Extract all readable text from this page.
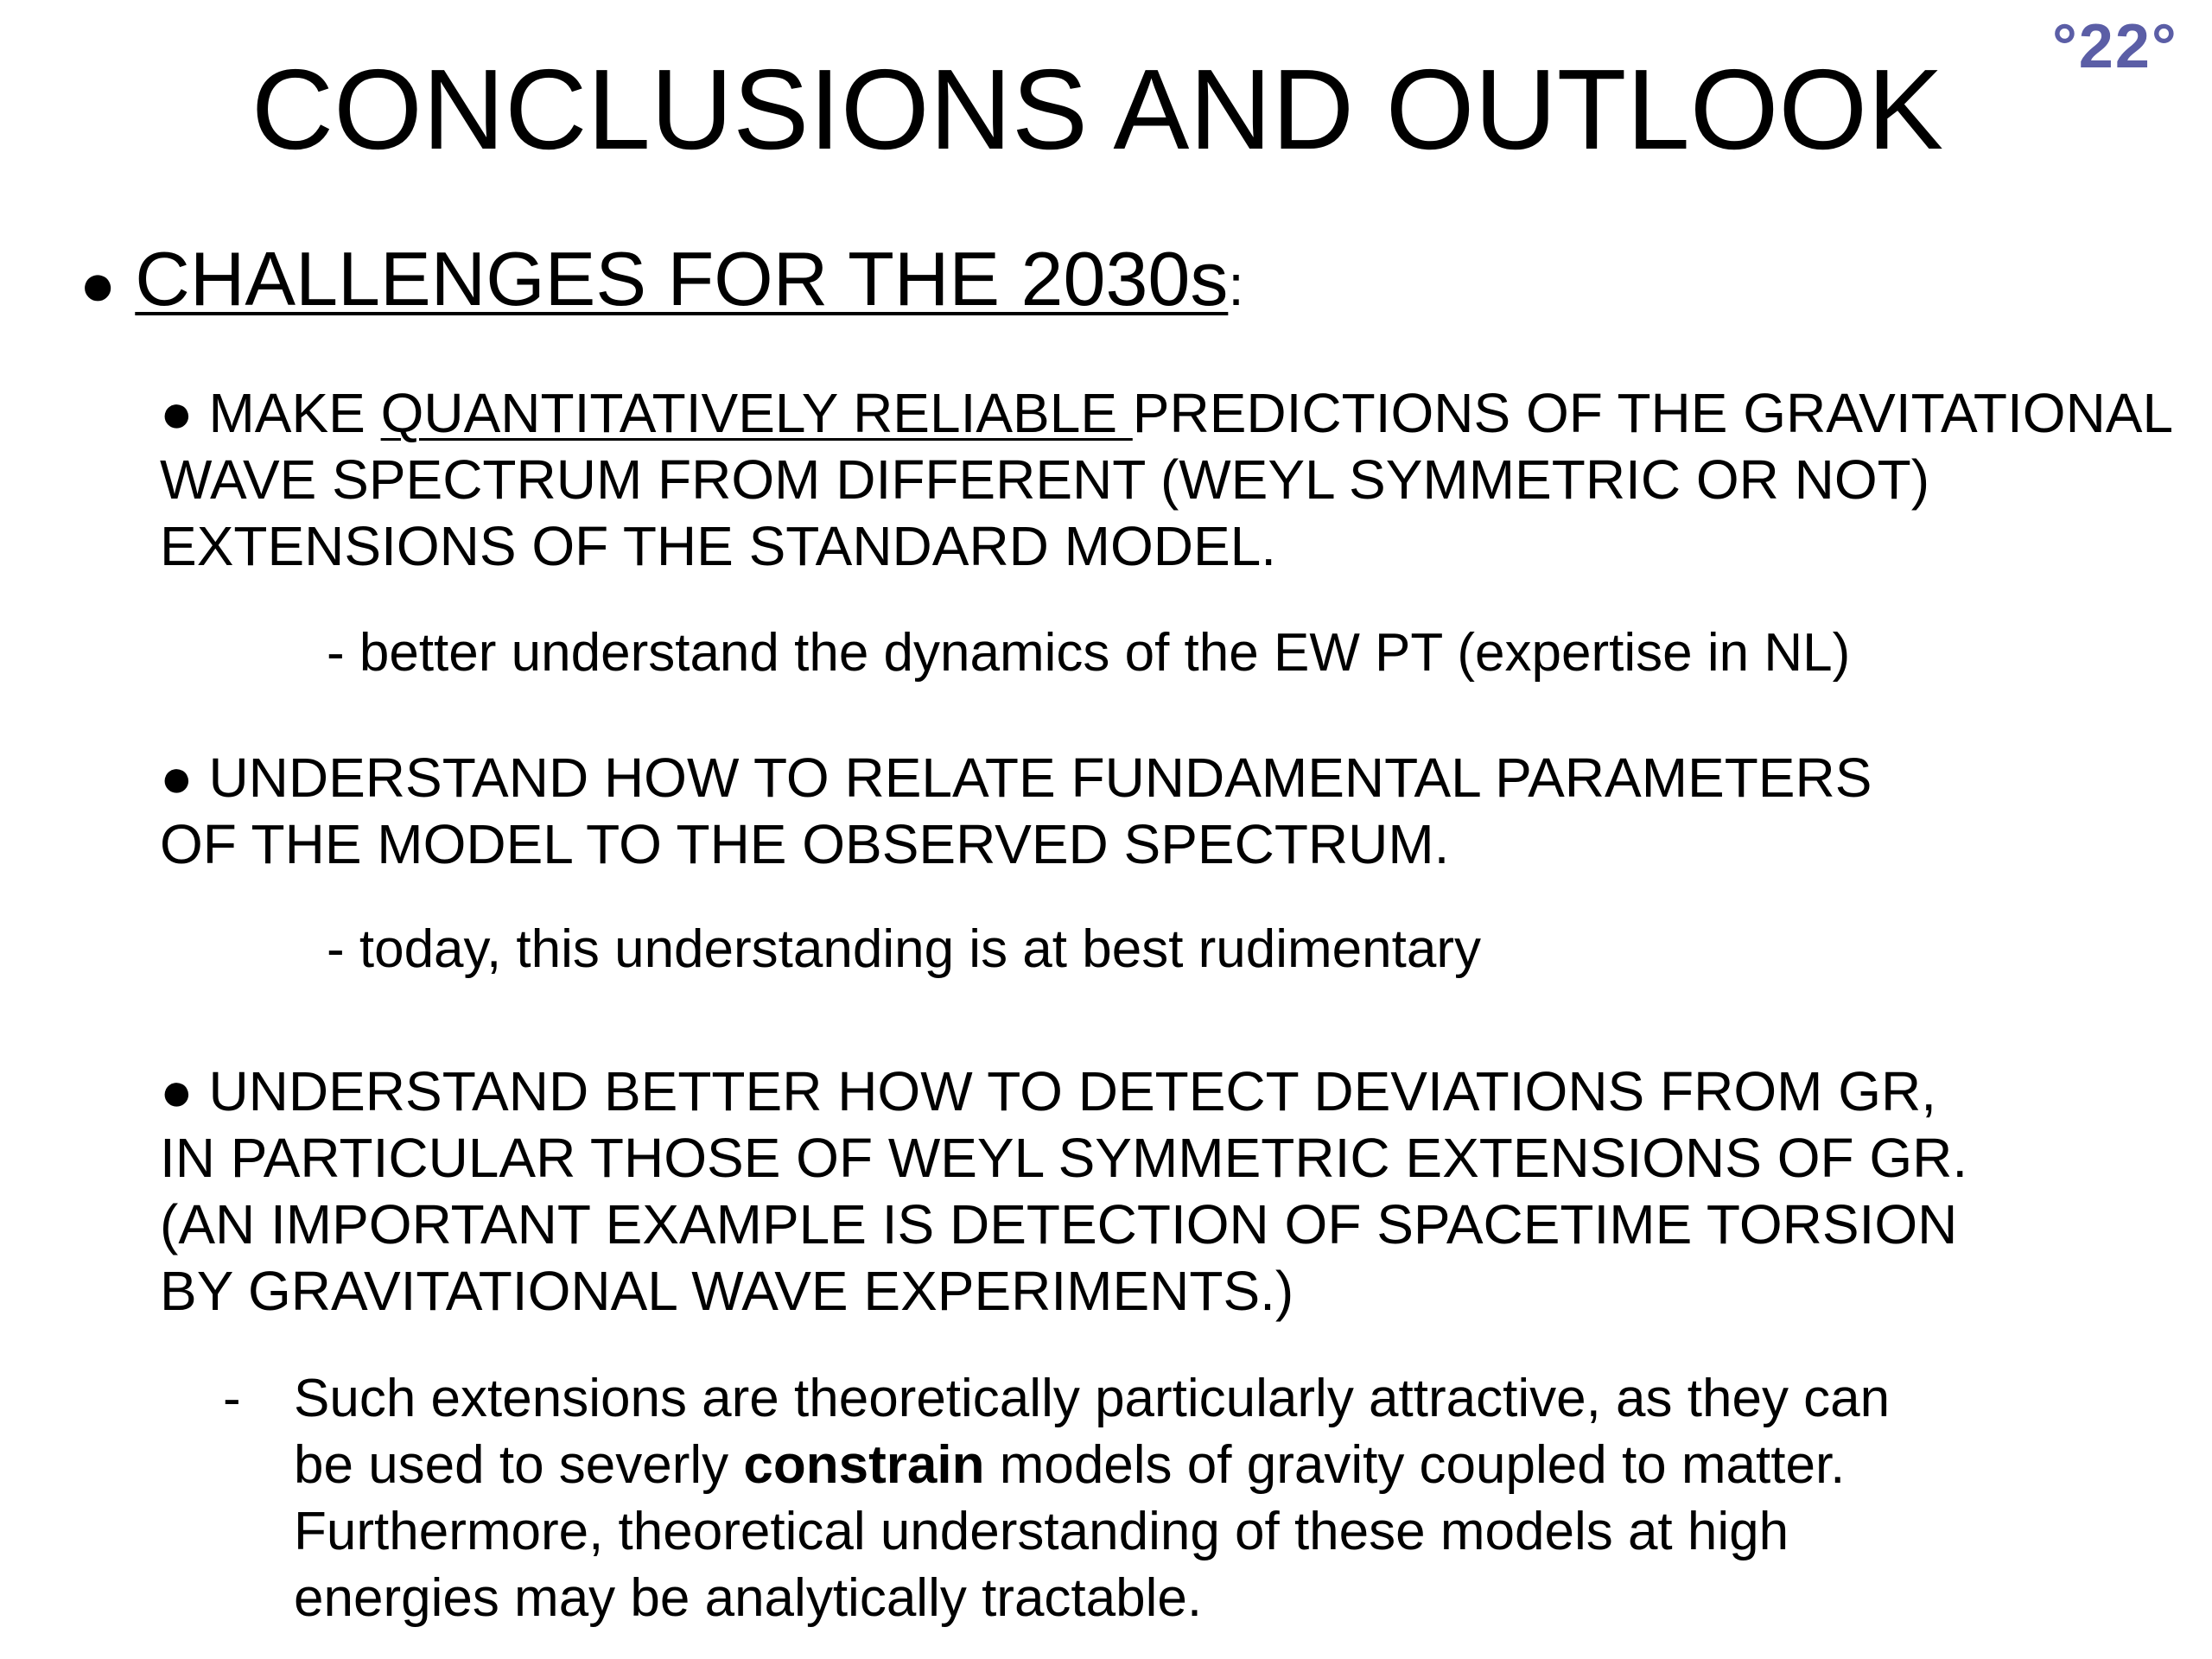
°22°
CONCLUSIONS AND OUTLOOK
● CHALLENGES FOR THE 2030s:
● MAKE QUANTITATIVELY RELIABLE PREDICTIONS OF THE GRAVITATIONAL
WAVE SPECTRUM FROM DIFFERENT (WEYL SYMMETRIC OR NOT)
EXTENSIONS OF THE STANDARD MODEL.
- better understand the dynamics of the EW PT (expertise in NL)
● UNDERSTAND HOW TO RELATE FUNDAMENTAL PARAMETERS
OF THE MODEL TO THE OBSERVED SPECTRUM.
- today, this understanding is at best rudimentary
● UNDERSTAND BETTER HOW TO DETECT DEVIATIONS FROM GR,
IN PARTICULAR THOSE OF WEYL SYMMETRIC EXTENSIONS OF GR.
(AN IMPORTANT EXAMPLE IS DETECTION OF SPACETIME TORSION
BY GRAVITATIONAL WAVE EXPERIMENTS.)
- Such extensions are theoretically particularly attractive, as they can
be used to severly constrain models of gravity coupled to matter.
Furthermore, theoretical understanding of these models at high
energies may be analytically tractable.
